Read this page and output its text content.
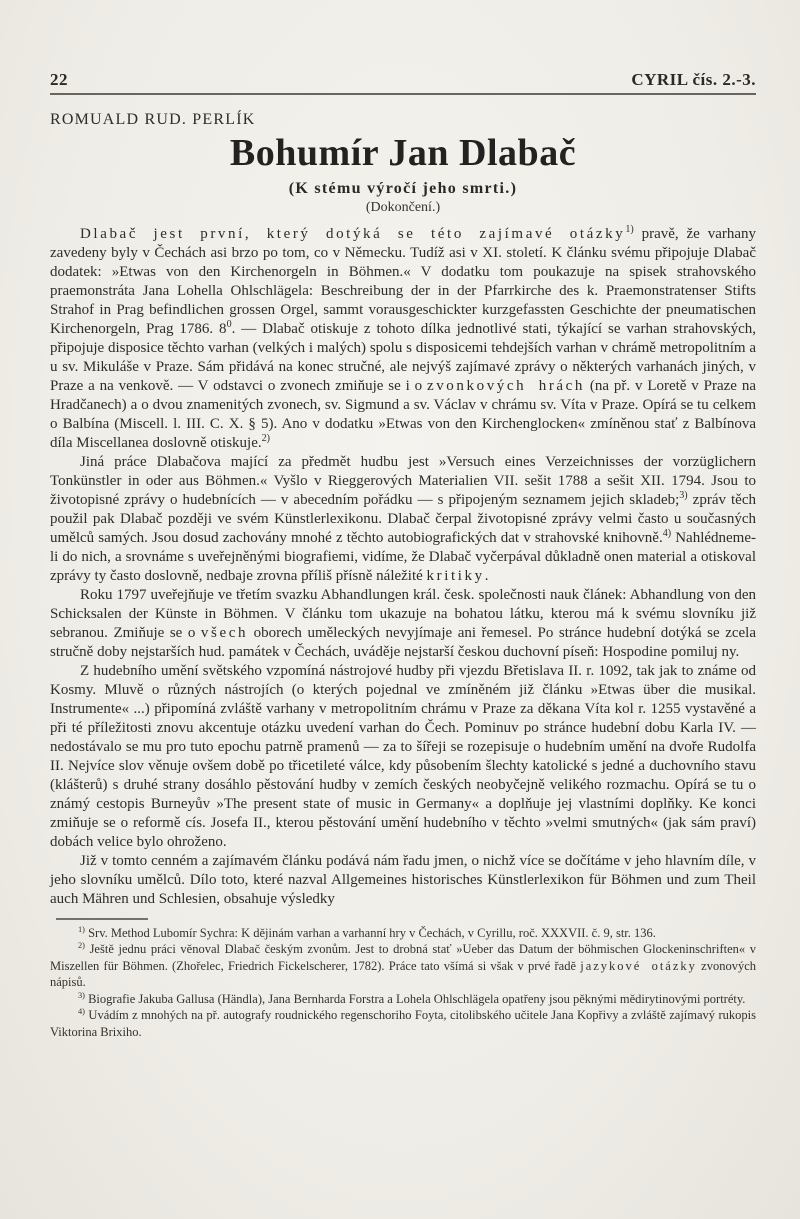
22	CYRIL čís. 2.-3.
ROMUALD RUD. PERLÍK
Bohumír Jan Dlabač
(K stému výročí jeho smrti.)
(Dokončení.)

Dlabač jest první, který dotýká se této zajímavé otázky$^{1)}$ pravě, že varhany zavedeny byly v Čechách asi brzo po tom, co v Německu. Tudíž asi v XI. století. K článku svému připojuje Dlabač dodatek: »Etwas von den Kirchenorgeln in Böhmen.« V dodatku tom poukazuje na spisek strahovského praemonstráta Jana Lohella Ohlschlägela: Beschreibung der in der Pfarrkirche des k. Praemonstratenser Stifts Strahof in Prag befindlichen grossen Orgel, sammt vorausgeschickter kurzgefassten Geschichte der pneumatischen Kirchenorgeln, Prag 1786. $8^0$. — Dlabač otiskuje z tohoto dílka jednotlivé stati, týkající se varhan strahovských, připojuje disposice těchto varhan (velkých i malých) spolu s disposicemi tehdejších varhan v chrámě metropolitním a u sv. Mikuláše v Praze. Sám přidává na konec stručné, ale nejvýš zajímavé zprávy o některých varhanách jiných, v Praze a na venkově. — V odstavci o zvonech zmiňuje se i o zvonkových hrách (na př. v Loretě v Praze na Hradčanech) a o dvou znamenitých zvonech, sv. Sigmund a sv. Václav v chrámu sv. Víta v Praze. Opírá se tu celkem o Balbína (Miscell. l. III. C. X. § 5). Ano v dodatku »Etwas von den Kirchenglocken« zmíněnou stať z Balbínova díla Miscellanea doslovně otiskuje.$^{2)}$

Jiná práce Dlabačova mající za předmět hudbu jest »Versuch eines Verzeichnisses der vorzüglichern Tonkünstler in oder aus Böhmen.« Vyšlo v Rieggerových Materialien VII. sešit 1788 a sešit XII. 1794. Jsou to životopisné zprávy o hudebnících — v abecedním pořádku — s připojeným seznamem jejich skladeb;$^{3)}$ zpráv těch použil pak Dlabač později ve svém Künstlerlexikonu. Dlabač čerpal životopisné zprávy velmi často u současných umělců samých. Jsou dosud zachovány mnohé z těchto autobiografických dat v strahovské knihovně.$^{4)}$ Nahlédneme-li do nich, a srovnáme s uveřejněnými biografiemi, vidíme, že Dlabač vyčerpával důkladně onen material a otiskoval zprávy ty často doslovně, nedbaje zrovna příliš přísně náležité kritiky.

Roku 1797 uveřejňuje ve třetím svazku Abhandlungen král. česk. společnosti nauk článek: Abhandlung von den Schicksalen der Künste in Böhmen. V článku tom ukazuje na bohatou látku, kterou má k svému slovníku již sebranou. Zmiňuje se o všech oborech uměleckých nevyjímaje ani řemesel. Po stránce hudební dotýká se zcela stručně doby nejstarších hud. památek v Čechách, uváděje nejstarší českou duchovní píseň: Hospodine pomiluj ny.

Z hudebního umění světského vzpomíná nástrojové hudby při vjezdu Břetislava II. r. 1092, tak jak to známe od Kosmy. Mluvě o různých nástrojích (o kterých pojednal ve zmíněném již článku »Etwas über die musikal. Instrumente« ...) připomíná zvláště varhany v metropolitním chrámu v Praze za děkana Víta kol r. 1255 vystavěné a při té příležitosti znovu akcentuje otázku uvedení varhan do Čech. Pominuv po stránce hudební dobu Karla IV. — nedostávalo se mu pro tuto epochu patrně pramenů — za to šířeji se rozepisuje o hudebním umění na dvoře Rudolfa II. Nejvíce slov věnuje ovšem době po třicetileté válce, kdy působením šlechty katolické s jedné a duchovního stavu (klášterů) s druhé strany dosáhlo pěstování hudby v zemích českých neobyčejně velikého rozmachu. Opírá se tu o známý cestopis Burneyův »The present state of music in Germany« a doplňuje jej vlastními doplňky. Ke konci zmiňuje se o reformě cís. Josefa II., kterou pěstování umění hudebního v těchto »velmi smutných« (jak sám praví) dobách velice bylo ohroženo.

Již v tomto cenném a zajímavém článku podává nám řadu jmen, o nichž více se dočítáme v jeho hlavním díle, v jeho slovníku umělců. Dílo toto, které nazval Allgemeines historisches Künstlerlexikon für Böhmen und zum Theil auch Mähren und Schlesien, obsahuje výsledky

$^{1)}$ Srv. Method Lubomír Sychra: K dějinám varhan a varhanní hry v Čechách, v Cyrillu, roč. XXXVII. č. 9, str. 136.

$^{2)}$ Ještě jednu práci věnoval Dlabač českým zvonům. Jest to drobná stať »Ueber das Datum der böhmischen Glockeninschriften« v Miszellen für Böhmen. (Zhořelec, Friedrich Fickelscherer, 1782). Práce tato všímá si však v prvé řadě jazykové otázky zvonových nápisů.

$^{3)}$ Biografie Jakuba Gallusa (Händla), Jana Bernharda Forstra a Lohela Ohlschlägela opatřeny jsou pěknými mědirytinovými portréty.

$^{4)}$ Uvádím z mnohých na př. autografy roudnického regenschoriho Foyta, citolibského učitele Jana Kopřivy a zvláště zajímavý rukopis Viktorina Brixiho.
